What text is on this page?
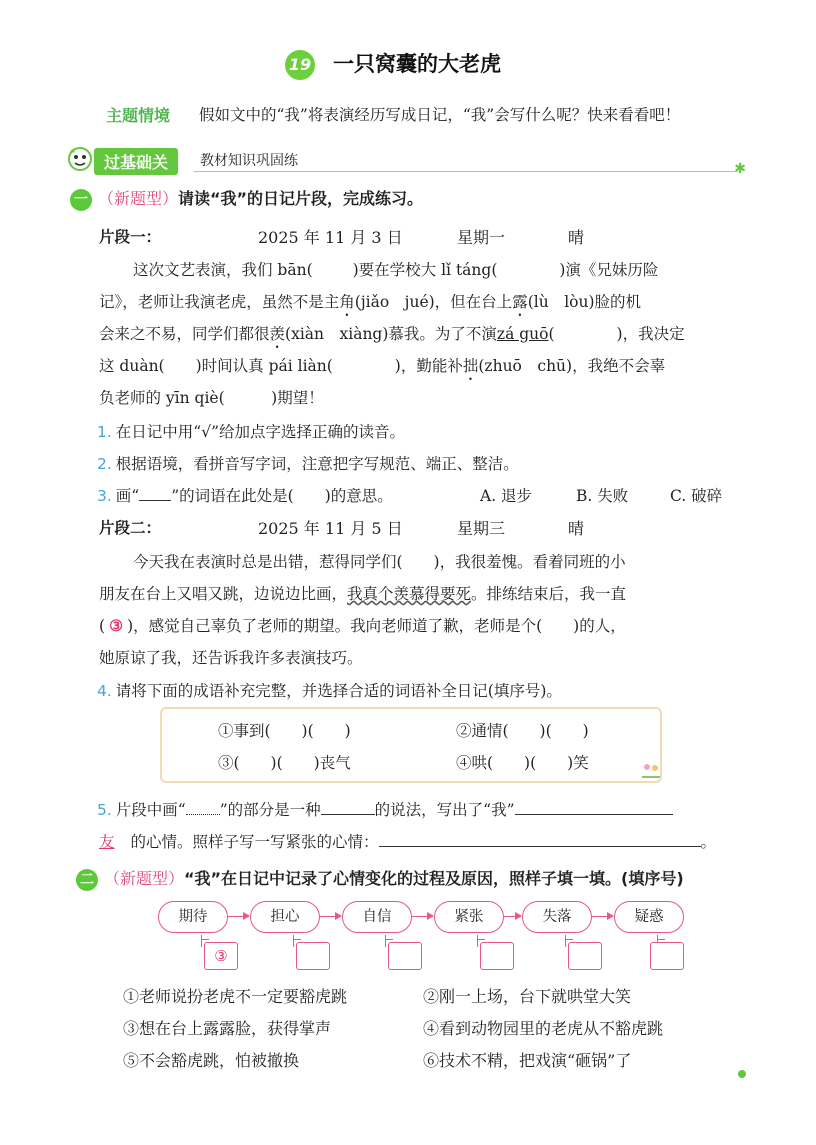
19 一只窝囊的大老虎
主题情境 假如文中的“我”将表演经历写成日记，“我”会写什么呢？快来看看吧！
过基础关	教材知识巩固练	✱
一 （新题型）请读“我”的日记片段，完成练习。
片段一：	2025 年 11 月 3 日	星期一	晴
这次文艺表演，我们 bān(	)要在学校大 lǐ táng(	)演《兄妹历险
记》，老师让我演老虎，虽然不是主角(jiǎo　jué)，但在台上露(lù　lòu)脸的机
会来之不易，同学们都很羡(xiàn　xiàng)慕我。为了不演zá guō(　　　　)，我决定
这 duàn(　　)时间认真 pái liàn(　　　　)，勤能补拙(zhuō　chū)，我绝不会辜
负老师的 yīn qiè(　　　)期望！
1. 在日记中用“√”给加点字选择正确的读音。
2. 根据语境，看拼音写字词，注意把字写规范、端正、整洁。
3. 画“ ”的词语在此处是(　　)的意思。	A. 退步	B. 失败	C. 破碎
片段二：	2025 年 11 月 5 日	星期三	晴
今天我在表演时总是出错，惹得同学们(　　)，我很羞愧。看着同班的小
朋友在台上又唱又跳，边说边比画，我真个羡慕得要死。排练结束后，我一直
( ③ )，感觉自己辜负了老师的期望。我向老师道了歉，老师是个(　　)的人，
她原谅了我，还告诉我许多表演技巧。
4. 请将下面的成语补充完整，并选择合适的词语补全日记(填序号)。
①事到(　　)(　　)	②通情(　　)(　　)
③(　　)(　　)丧气	④哄(　　)(　　)笑
5. 片段中画“ ”的部分是一种	的说法，写出了“我”
友 的心情。照样子写一写紧张的心情：	。
二 （新题型）“我”在日记中记录了心情变化的过程及原因，照样子填一填。(填序号)
期待	担心	自信	紧张	失落	疑惑
③
①老师说扮老虎不一定要豁虎跳	②刚一上场，台下就哄堂大笑
③想在台上露露脸，获得掌声	④看到动物园里的老虎从不豁虎跳
⑤不会豁虎跳，怕被撤换	⑥技术不精，把戏演“砸锅”了
